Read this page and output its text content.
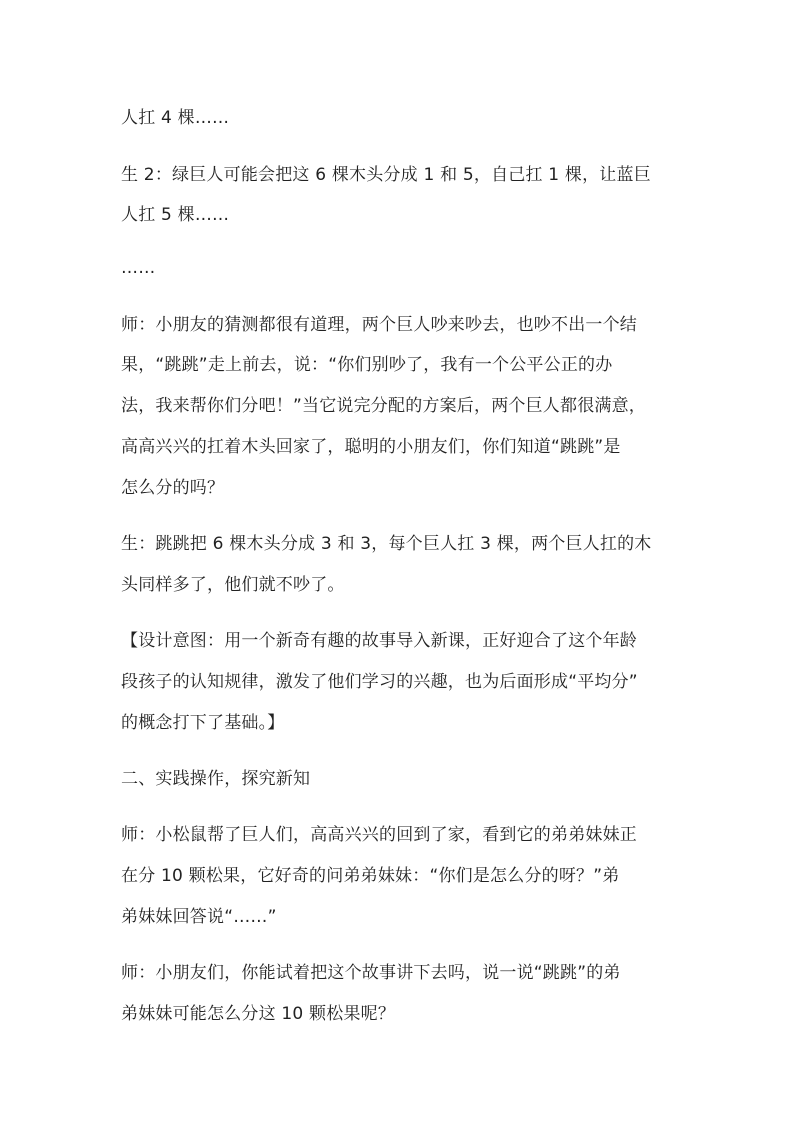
人扛 4 棵……
生 2：绿巨人可能会把这 6 棵木头分成 1 和 5，自己扛 1 棵，让蓝巨
人扛 5 棵……
……
师：小朋友的猜测都很有道理，两个巨人吵来吵去，也吵不出一个结
果，“跳跳”走上前去，说：“你们别吵了，我有一个公平公正的办
法，我来帮你们分吧！”当它说完分配的方案后，两个巨人都很满意，
高高兴兴的扛着木头回家了，聪明的小朋友们，你们知道“跳跳”是
怎么分的吗？
生：跳跳把 6 棵木头分成 3 和 3，每个巨人扛 3 棵，两个巨人扛的木
头同样多了，他们就不吵了。
【设计意图：用一个新奇有趣的故事导入新课，正好迎合了这个年龄
段孩子的认知规律，激发了他们学习的兴趣，也为后面形成“平均分”
的概念打下了基础。】
二、实践操作，探究新知
师：小松鼠帮了巨人们，高高兴兴的回到了家，看到它的弟弟妹妹正
在分 10 颗松果，它好奇的问弟弟妹妹：“你们是怎么分的呀？”弟
弟妹妹回答说“……”
师：小朋友们，你能试着把这个故事讲下去吗，说一说“跳跳”的弟
弟妹妹可能怎么分这 10 颗松果呢？
